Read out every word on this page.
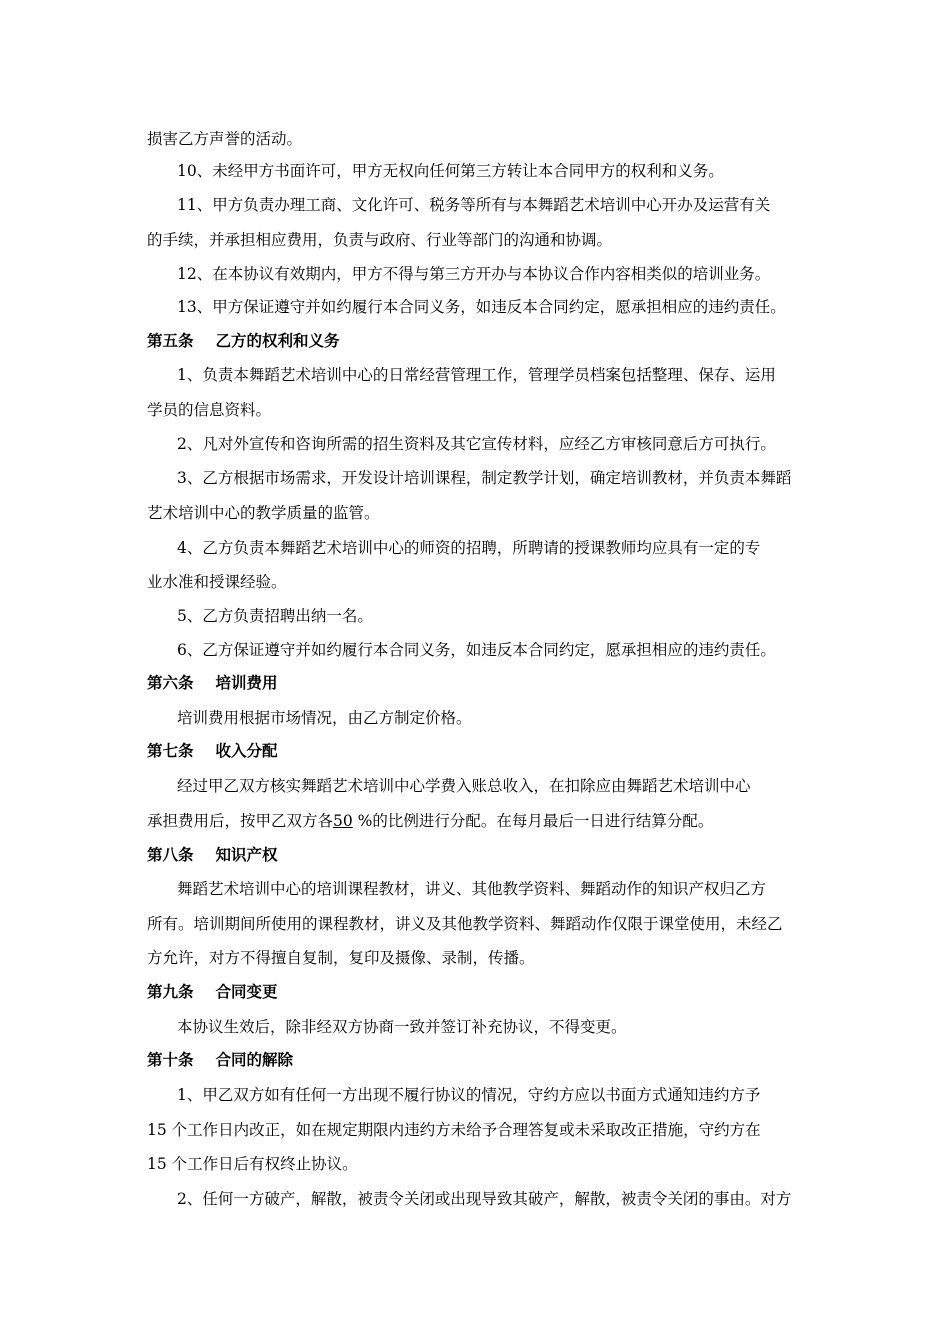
损害乙方声誉的活动。
10、未经甲方书面许可，甲方无权向任何第三方转让本合同甲方的权利和义务。
11、甲方负责办理工商、文化许可、税务等所有与本舞蹈艺术培训中心开办及运营有关
的手续，并承担相应费用，负责与政府、行业等部门的沟通和协调。
12、在本协议有效期内，甲方不得与第三方开办与本协议合作内容相类似的培训业务。
13、甲方保证遵守并如约履行本合同义务，如违反本合同约定，愿承担相应的违约责任。
第五条 乙方的权利和义务
1、负责本舞蹈艺术培训中心的日常经营管理工作，管理学员档案包括整理、保存、运用
学员的信息资料。
2、凡对外宣传和咨询所需的招生资料及其它宣传材料，应经乙方审核同意后方可执行。
3、乙方根据市场需求，开发设计培训课程，制定教学计划，确定培训教材，并负责本舞蹈
艺术培训中心的教学质量的监管。
4、乙方负责本舞蹈艺术培训中心的师资的招聘，所聘请的授课教师均应具有一定的专
业水准和授课经验。
5、乙方负责招聘出纳一名。
6、乙方保证遵守并如约履行本合同义务，如违反本合同约定，愿承担相应的违约责任。
第六条 培训费用
培训费用根据市场情况，由乙方制定价格。
第七条 收入分配
经过甲乙双方核实舞蹈艺术培训中心学费入账总收入，在扣除应由舞蹈艺术培训中心
承担费用后，按甲乙双方各50 %的比例进行分配。在每月最后一日进行结算分配。
第八条 知识产权
舞蹈艺术培训中心的培训课程教材，讲义、其他教学资料、舞蹈动作的知识产权归乙方
所有。培训期间所使用的课程教材，讲义及其他教学资料、舞蹈动作仅限于课堂使用，未经乙
方允许，对方不得擅自复制，复印及摄像、录制，传播。
第九条 合同变更
本协议生效后，除非经双方协商一致并签订补充协议，不得变更。
第十条 合同的解除
1、甲乙双方如有任何一方出现不履行协议的情况，守约方应以书面方式通知违约方予
15 个工作日内改正，如在规定期限内违约方未给予合理答复或未采取改正措施，守约方在
15 个工作日后有权终止协议。
2、任何一方破产，解散，被责令关闭或出现导致其破产，解散，被责令关闭的事由。对方
